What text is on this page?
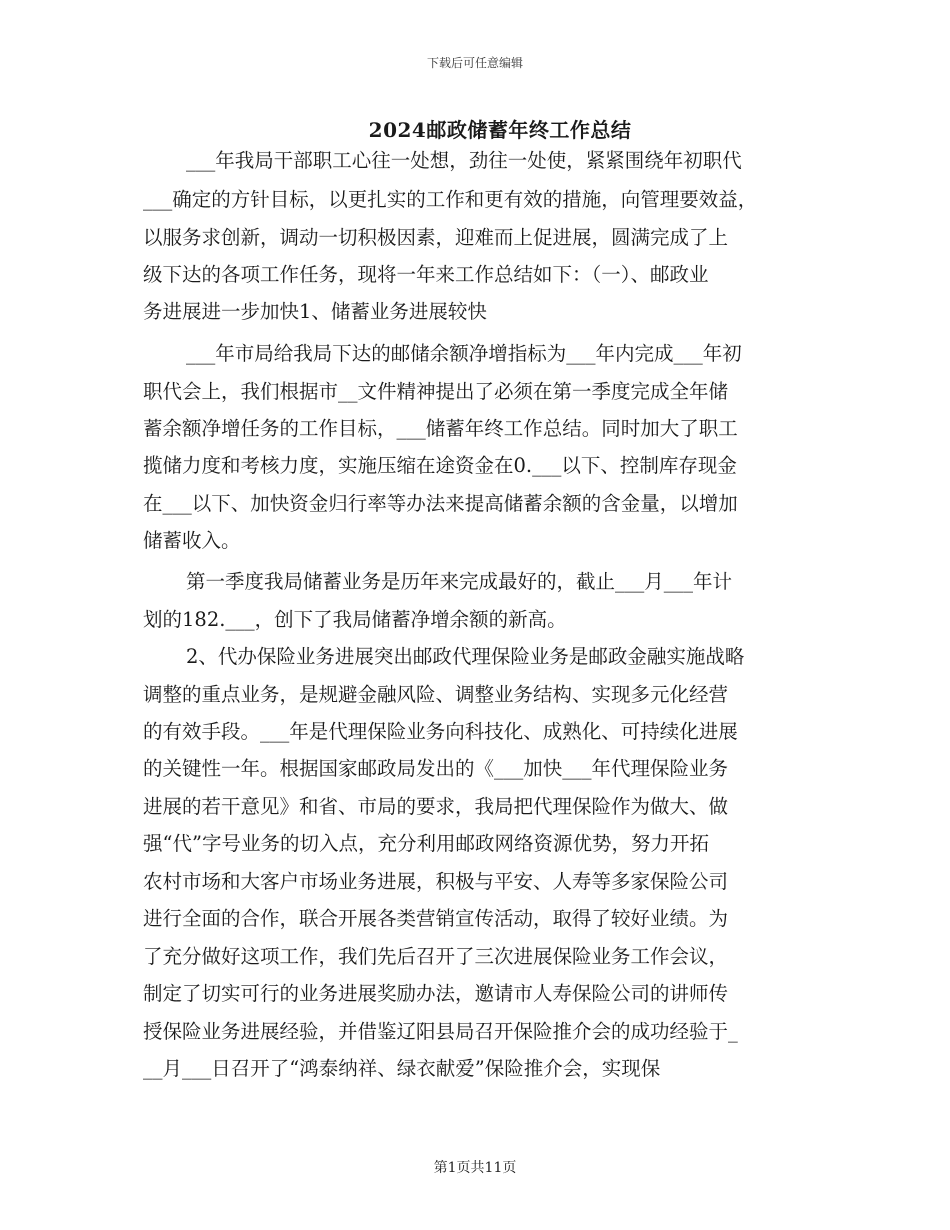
下载后可任意编辑
2024邮政储蓄年终工作总结
___年我局干部职工心往一处想，劲往一处使，紧紧围绕年初职代
___确定的方针目标，以更扎实的工作和更有效的措施，向管理要效益，
以服务求创新，调动一切积极因素，迎难而上促进展，圆满完成了上
级下达的各项工作任务，现将一年来工作总结如下：（一）、邮政业
务进展进一步加快1、储蓄业务进展较快
___年市局给我局下达的邮储余额净增指标为___年内完成___年初
职代会上，我们根据市__文件精神提出了必须在第一季度完成全年储
蓄余额净增任务的工作目标，___储蓄年终工作总结。同时加大了职工
揽储力度和考核力度，实施压缩在途资金在0.___以下、控制库存现金
在___以下、加快资金归行率等办法来提高储蓄余额的含金量，以增加
储蓄收入。
第一季度我局储蓄业务是历年来完成最好的，截止___月___年计
划的182.___，创下了我局储蓄净增余额的新高。
2、代办保险业务进展突出邮政代理保险业务是邮政金融实施战略
调整的重点业务，是规避金融风险、调整业务结构、实现多元化经营
的有效手段。___年是代理保险业务向科技化、成熟化、可持续化进展
的关键性一年。根据国家邮政局发出的《___加快___年代理保险业务
进展的若干意见》和省、市局的要求，我局把代理保险作为做大、做
强“代”字号业务的切入点，充分利用邮政网络资源优势，努力开拓
农村市场和大客户市场业务进展，积极与平安、人寿等多家保险公司
进行全面的合作，联合开展各类营销宣传活动，取得了较好业绩。为
了充分做好这项工作，我们先后召开了三次进展保险业务工作会议，
制定了切实可行的业务进展奖励办法，邀请市人寿保险公司的讲师传
授保险业务进展经验，并借鉴辽阳县局召开保险推介会的成功经验于_
__月___日召开了“鸿泰纳祥、绿衣献爱”保险推介会，实现保
第1页共11页
